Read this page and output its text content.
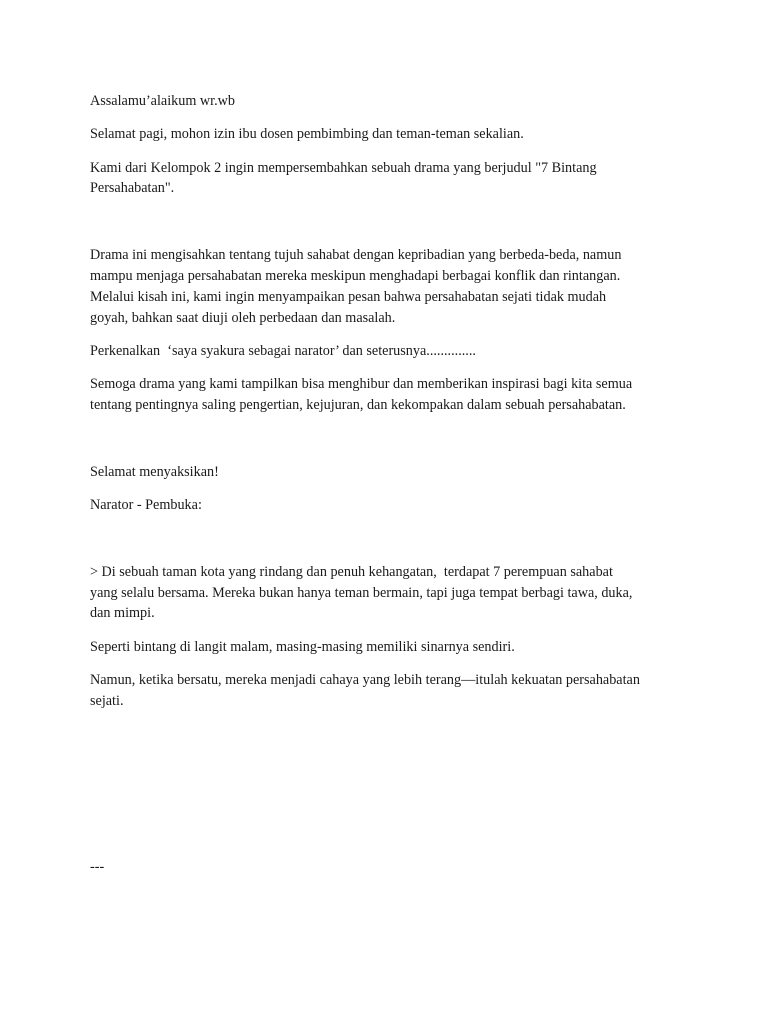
Assalamu’alaikum wr.wb

Selamat pagi, mohon izin ibu dosen pembimbing dan teman-teman sekalian.

Kami dari Kelompok 2 ingin mempersembahkan sebuah drama yang berjudul "7 Bintang
Persahabatan".

Drama ini mengisahkan tentang tujuh sahabat dengan kepribadian yang berbeda-beda, namun
mampu menjaga persahabatan mereka meskipun menghadapi berbagai konflik dan rintangan.
Melalui kisah ini, kami ingin menyampaikan pesan bahwa persahabatan sejati tidak mudah
goyah, bahkan saat diuji oleh perbedaan dan masalah.

Perkenalkan  ‘saya syakura sebagai narator’ dan seterusnya..............

Semoga drama yang kami tampilkan bisa menghibur dan memberikan inspirasi bagi kita semua
tentang pentingnya saling pengertian, kejujuran, dan kekompakan dalam sebuah persahabatan.

Selamat menyaksikan!

Narator - Pembuka:

> Di sebuah taman kota yang rindang dan penuh kehangatan,  terdapat 7 perempuan sahabat
yang selalu bersama. Mereka bukan hanya teman bermain, tapi juga tempat berbagi tawa, duka,
dan mimpi.

Seperti bintang di langit malam, masing-masing memiliki sinarnya sendiri.

Namun, ketika bersatu, mereka menjadi cahaya yang lebih terang—itulah kekuatan persahabatan
sejati.

---
